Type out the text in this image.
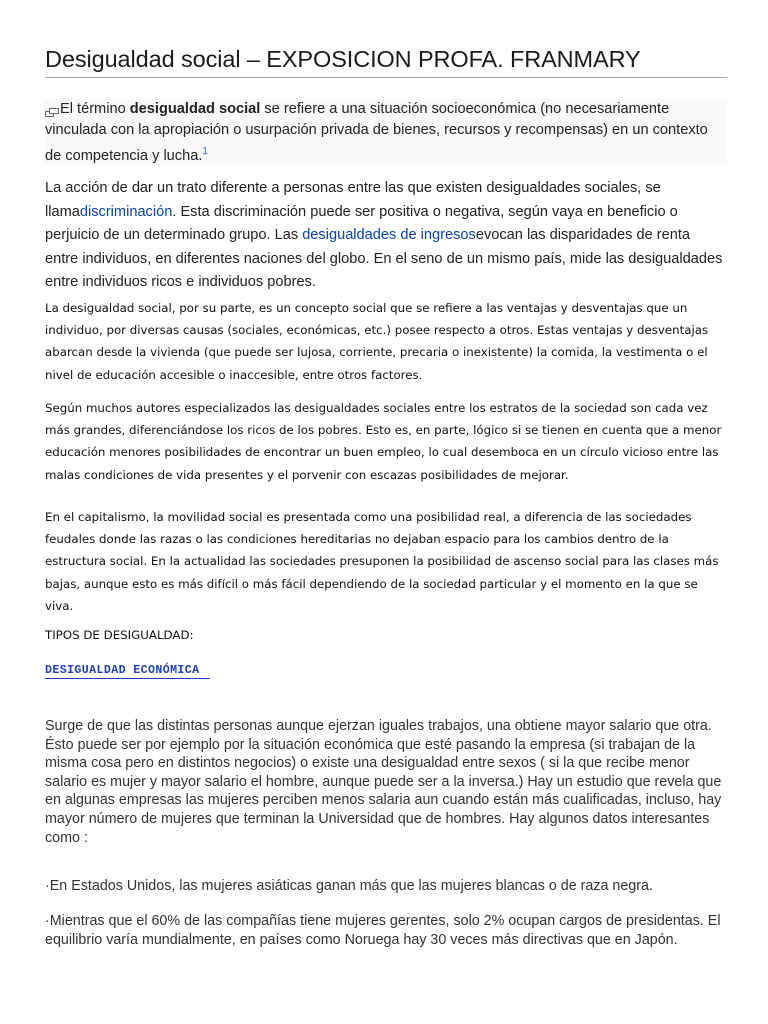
Desigualdad social – EXPOSICION PROFA. FRANMARY
El término desigualdad social se refiere a una situación socioeconómica (no necesariamente vinculada con la apropiación o usurpación privada de bienes, recursos y recompensas) en un contexto de competencia y lucha.$^1$
La acción de dar un trato diferente a personas entre las que existen desigualdades sociales, se llamadiscriminación. Esta discriminación puede ser positiva o negativa, según vaya en beneficio o perjuicio de un determinado grupo. Las desigualdades de ingresosevocan las disparidades de renta entre individuos, en diferentes naciones del globo. En el seno de un mismo país, mide las desigualdades entre individuos ricos e individuos pobres.
La desigualdad social, por su parte, es un concepto social que se refiere a las ventajas y desventajas que un individuo, por diversas causas (sociales, económicas, etc.) posee respecto a otros. Estas ventajas y desventajas abarcan desde la vivienda (que puede ser lujosa, corriente, precaria o inexistente) la comida, la vestimenta o el nivel de educación accesible o inaccesible, entre otros factores.
Según muchos autores especializados las desigualdades sociales entre los estratos de la sociedad son cada vez más grandes, diferenciándose los ricos de los pobres. Esto es, en parte, lógico si se tienen en cuenta que a menor educación menores posibilidades de encontrar un buen empleo, lo cual desemboca en un círculo vicioso entre las malas condiciones de vida presentes y el porvenir con escazas posibilidades de mejorar.
En el capitalismo, la movilidad social es presentada como una posibilidad real, a diferencia de las sociedades feudales donde las razas o las condiciones hereditarias no dejaban espacio para los cambios dentro de la estructura social. En la actualidad las sociedades presuponen la posibilidad de ascenso social para las clases más bajas, aunque esto es más difícil o más fácil dependiendo de la sociedad particular y el momento en la que se viva.
TIPOS DE DESIGUALDAD:
DESIGUALDAD ECONÓMICA
Surge de que las distintas personas aunque ejerzan iguales trabajos, una obtiene mayor salario que otra. Ésto puede ser por ejemplo por la situación económica que esté pasando la empresa (si trabajan de la misma cosa pero en distintos negocios) o existe una desigualdad entre sexos ( si la que recibe menor salario es mujer y mayor salario el hombre, aunque puede ser a la inversa.) Hay un estudio que revela que en algunas empresas las mujeres perciben menos salaria aun cuando están más cualificadas, incluso, hay mayor número de mujeres que terminan la Universidad que de hombres. Hay algunos datos interesantes como :
·En Estados Unidos, las mujeres asiáticas ganan más que las mujeres blancas o de raza negra.
·Mientras que el 60% de las compañías tiene mujeres gerentes, solo 2% ocupan cargos de presidentas. El equilibrio varía mundialmente, en países como Noruega hay 30 veces más directivas que en Japón.
